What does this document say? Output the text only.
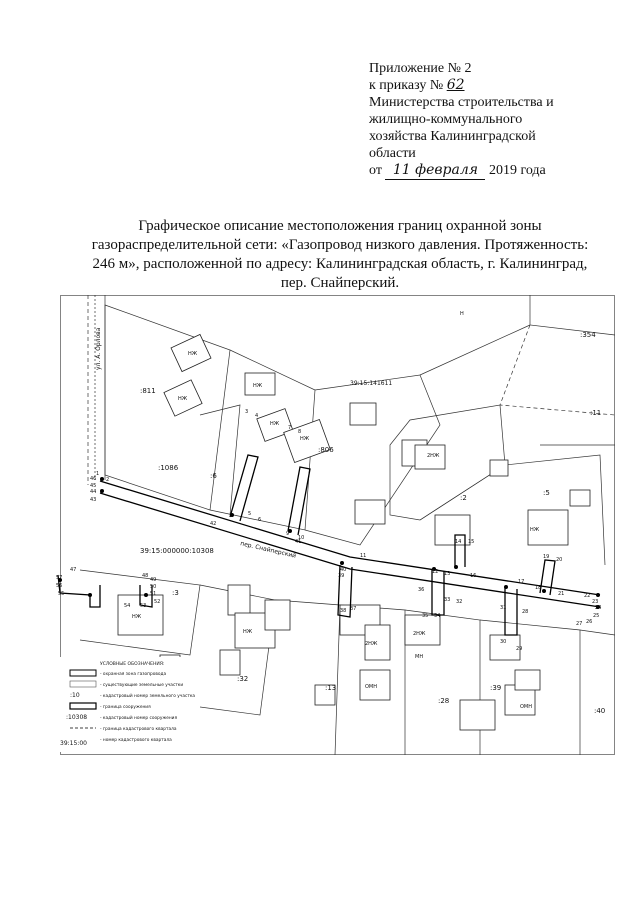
Приложение № 2
к приказу № 62
Министерства строительства и
жилищно-коммунального
хозяйства Калининградской
области
от 11 февраля 2019 года
Графическое описание местоположения границ охранной зоны
газораспределительной сети: «Газопровод низкого давления. Протяженность:
246 м», расположенной по адресу: Калининградская область, г. Калининград,
пер. Снайперский.
:354
:811
:806
:1086
:6
:11
:2
:5
:3
:32
:13
:28
:39
:40
39:15:000000:10308
39:15:141611
пер. Снайперский
ул. А. Орлова	НЖ
НЖ
НЖ
НЖ
НЖ
2НЖ
НЖ
НЖ
НЖ
2НЖ
2НЖ
МН
ОМН
ОМН
Н
1
2
3
4
5
6
7
8
9
10
11
12 13
14 15
16
17
18
19 20
21	22
23
24
25
26
27
28
29
30
31
32
33
34
35
36
37
38
39
40
41
42
43
44
45
46
47
48
49
50
51
52
53
54
55
56
57
УСЛОВНЫЕ ОБОЗНАЧЕНИЯ:
- охранная зона газопровода
- существующие земельные участки
:10	- кадастровый номер земельного участка
- граница сооружения
:10308	- кадастровый номер сооружения
- граница кадастрового квартала
39:15:00	- номер кадастрового квартала
